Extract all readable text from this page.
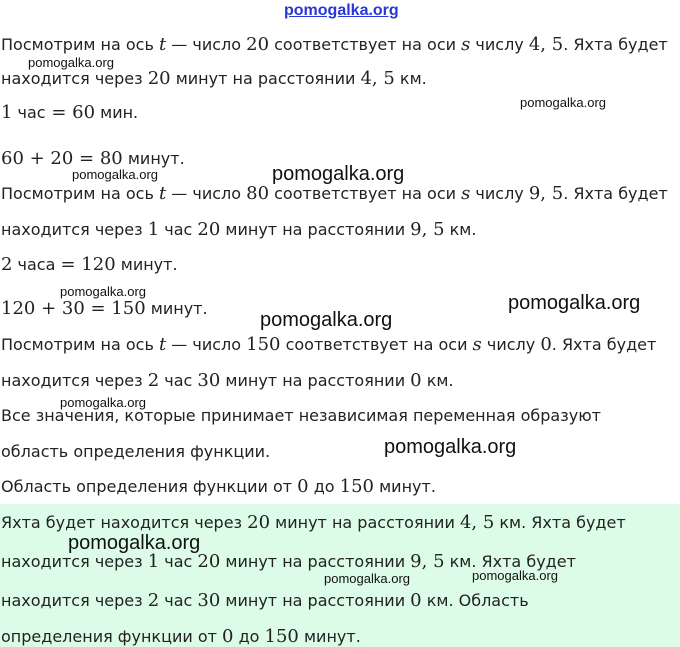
pomogalka.org

Посмотрим на ось t — число 20 соответствует на оси s числу 4, 5. Яхта будет

находится через 20 минут на расстоянии 4, 5 км.

1 час = 60 мин.

60 + 20 = 80 минут.

Посмотрим на ось t — число 80 соответствует на оси s числу 9, 5. Яхта будет

находится через 1 час 20 минут на расстоянии 9, 5 км.

2 часа = 120 минут.

120 + 30 = 150 минут.

Посмотрим на ось t — число 150 соответствует на оси s числу 0. Яхта будет

находится через 2 час 30 минут на расстоянии 0 км.

Все значения, которые принимает независимая переменная образуют

область определения функции.

Область определения функции от 0 до 150 минут.

Яхта будет находится через 20 минут на расстоянии 4, 5 км. Яхта будет

находится через 1 час 20 минут на расстоянии 9, 5 км. Яхта будет

находится через 2 час 30 минут на расстоянии 0 км. Область

определения функции от 0 до 150 минут.

pomogalka.org
pomogalka.org
pomogalka.org	pomogalka.org
pomogalka.org
pomogalka.org
pomogalka.org
pomogalka.org
pomogalka.org
pomogalka.org
pomogalka.org	pomogalka.org
